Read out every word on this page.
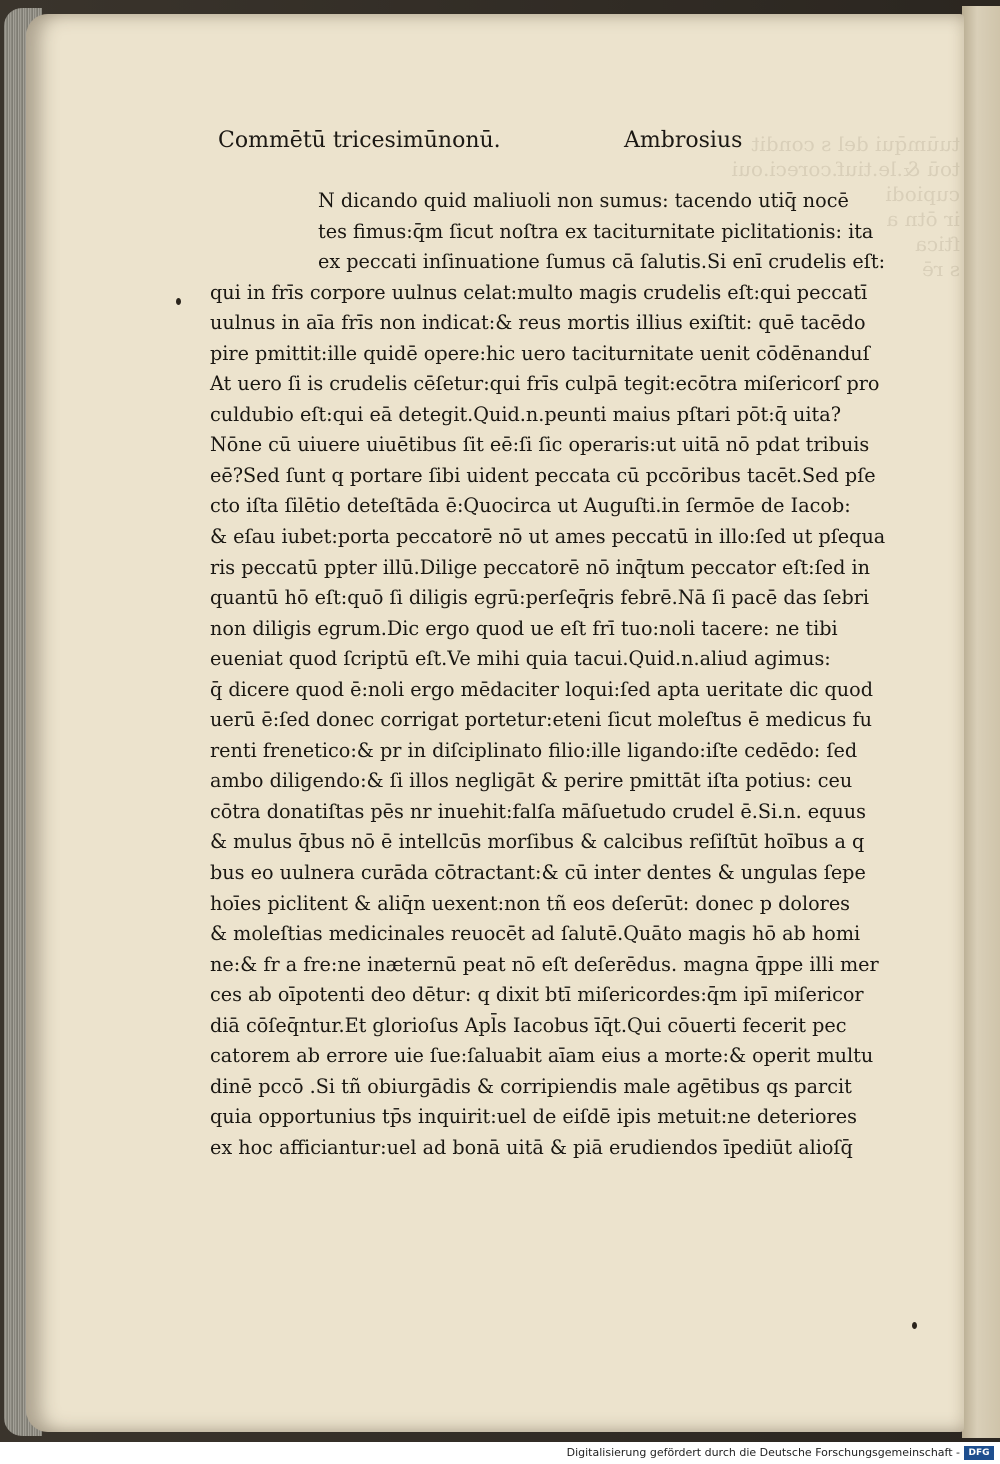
tuūmq̄ui del s condit
toū &.le.tiuf.coreci.oui cupiodi
ir ōtn a
ſtica
s rē
Commētū tricesimūnonū.	Ambrosius
N dicando quid maliuoli non sumus: tacendo utiq̄ nocē
tes fimus:q̄m ſicut noſtra ex taciturnitate piclitationis: ita
ex peccati inſinuatione ſumus cā ſalutis.Si enī crudelis eſt:
qui in frīs corpore uulnus celat:multo magis crudelis eſt:qui peccatī
uulnus in aīa frīs non indicat:& reus mortis illius exiſtit: quē tacēdo
pire pmittit:ille quidē opere:hic uero taciturnitate uenit cōdēnanduſ
At uero ſi is crudelis cēſetur:qui frīs culpā tegit:ecōtra miſericorſ pro
culdubio eſt:qui eā detegit.Quid.n.peunti maius pſtari pōt:q̄ uita?
Nōne cū uiuere uiuētibus ſit eē:ſi ſic operaris:ut uitā nō pdat tribuis
eē?Sed ſunt q portare ſibi uident peccata cū pccōribus tacēt.Sed pſe
cto iſta ſilētio deteſtāda ē:Quocirca ut Auguſti.in ſermōe de Iacob:
& eſau iubet:porta peccatorē nō ut ames peccatū in illo:ſed ut pſequa
ris peccatū ppter illū.Dilige peccatorē nō inq̄tum peccator eſt:ſed in
quantū hō eſt:quō ſi diligis egrū:perſeq̄ris febrē.Nā ſi pacē das ſebri
non diligis egrum.Dic ergo quod ue eſt frī tuo:noli tacere: ne tibi
eueniat quod ſcriptū eſt.Ve mihi quia tacui.Quid.n.aliud agimus:
q̄ dicere quod ē:noli ergo mēdaciter loqui:ſed apta ueritate dic quod
uerū ē:ſed donec corrigat portetur:eteni ſicut moleſtus ē medicus fu
renti frenetico:& pr in diſciplinato filio:ille ligando:iſte cedēdo: ſed
ambo diligendo:& ſi illos negligāt & perire pmittāt iſta potius: ceu
cōtra donatiſtas pēs nr inuehit:falſa māſuetudo crudel ē.Si.n. equus
& mulus q̄bus nō ē intellcūs morſibus & calcibus reſiſtūt hoībus a q
bus eo uulnera curāda cōtractant:& cū inter dentes & ungulas ſepe
hoīes piclitent & aliq̄n uexent:non tñ eos deſerūt: donec p dolores
& moleſtias medicinales reuocēt ad ſalutē.Quāto magis hō ab homi
ne:& fr a fre:ne inæternū peat nō eſt deſerēdus. magna q̄ppe illi mer
ces ab oīpotenti deo dētur: q dixit btī miſericordes:q̄m ipī miſericor
diā cōſeq̄ntur.Et glorioſus Apl̄s Iacobus īq̄t.Qui cōuerti fecerit pec
catorem ab errore uie ſue:ſaluabit aīam eius a morte:& operit multu
dinē pccō .Si tñ obiurgādis & corripiendis male agētibus qs parcit
quia opportunius tp̄s inquirit:uel de eiſdē ipis metuit:ne deteriores
ex hoc afficiantur:uel ad bonā uitā & piā erudiendos īpediūt alioſq̄
Digitalisierung gefördert durch die Deutsche Forschungsgemeinschaft - DFG
